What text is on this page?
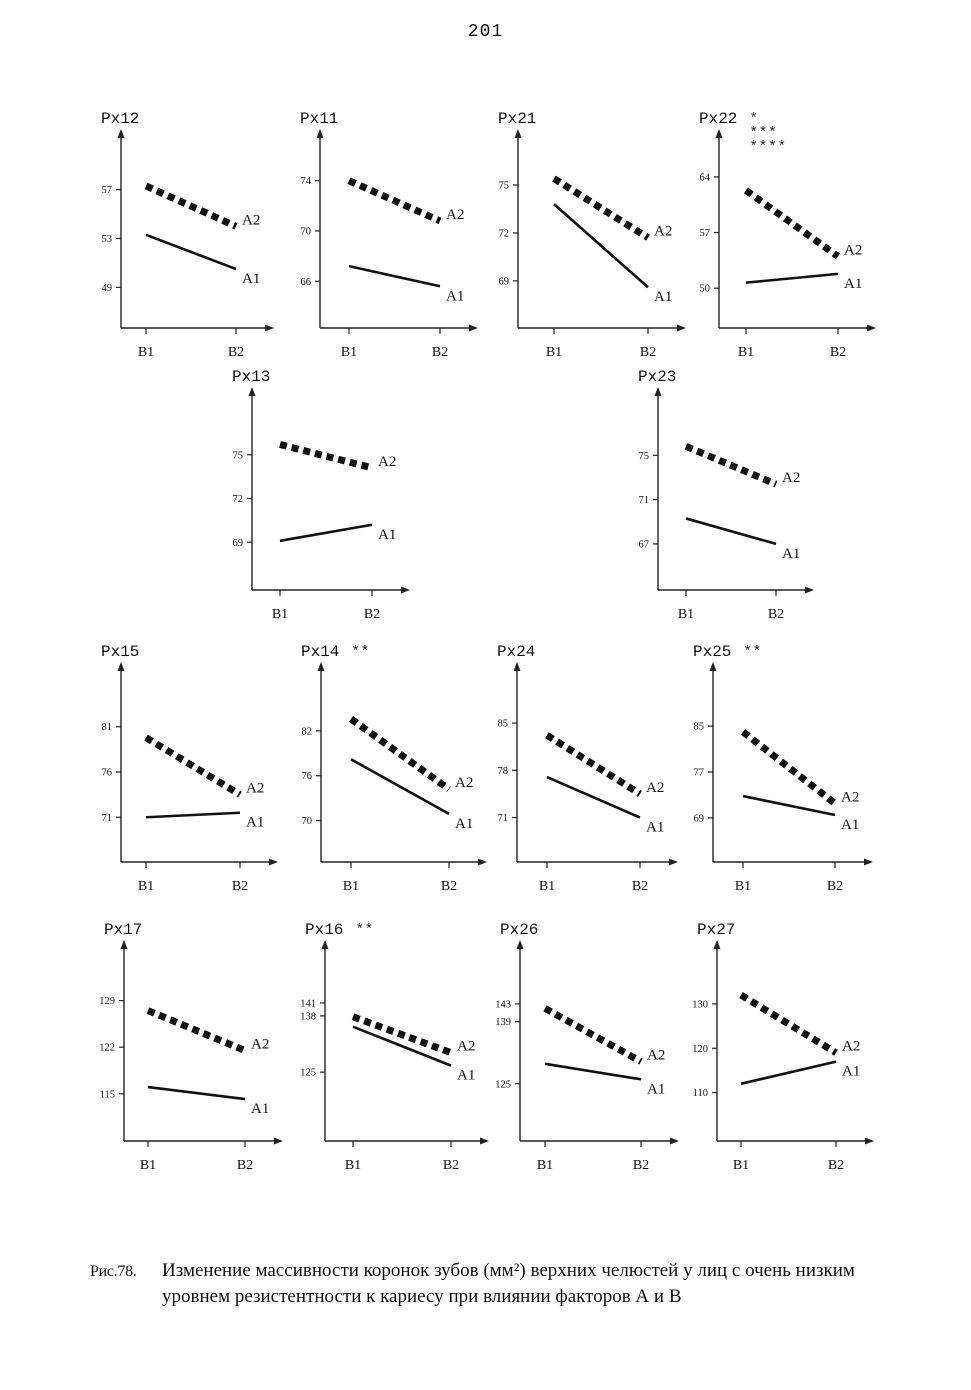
201
Px12
57
53
49
B1	B2
A2
A1
Px11
74
70
66
B1	B2
A2
A1
Px21
75
72
69
B1	B2
A2
A1
Px22 *
***
****
64
57
50
B1	B2
A2
A1
Px13
75
72
69
B1	B2
A2
A1
Px23
75
71
67
B1	B2
A2
A1
Px15
81
76
71
B1	B2
A2
A1
Px14 **
82
76
70
B1	B2
A2
A1
Px24
85
78
71
B1	B2
A2
A1
Px25 **
85
77
69
B1	B2
A2
A1
Px17
129
122
115
B1	B2
A2
A1
Px16 **
141
138
125
B1	B2
A2
A1
Px26
143
139
125
B1	B2
A2
A1
Px27
130
120
110
B1	B2
A2
A1
Рис.78. Изменение массивности коронок зубов (мм²) верхних челюстей у лиц с очень низким уровнем резистентности к кариесу при влиянии факторов А и В
